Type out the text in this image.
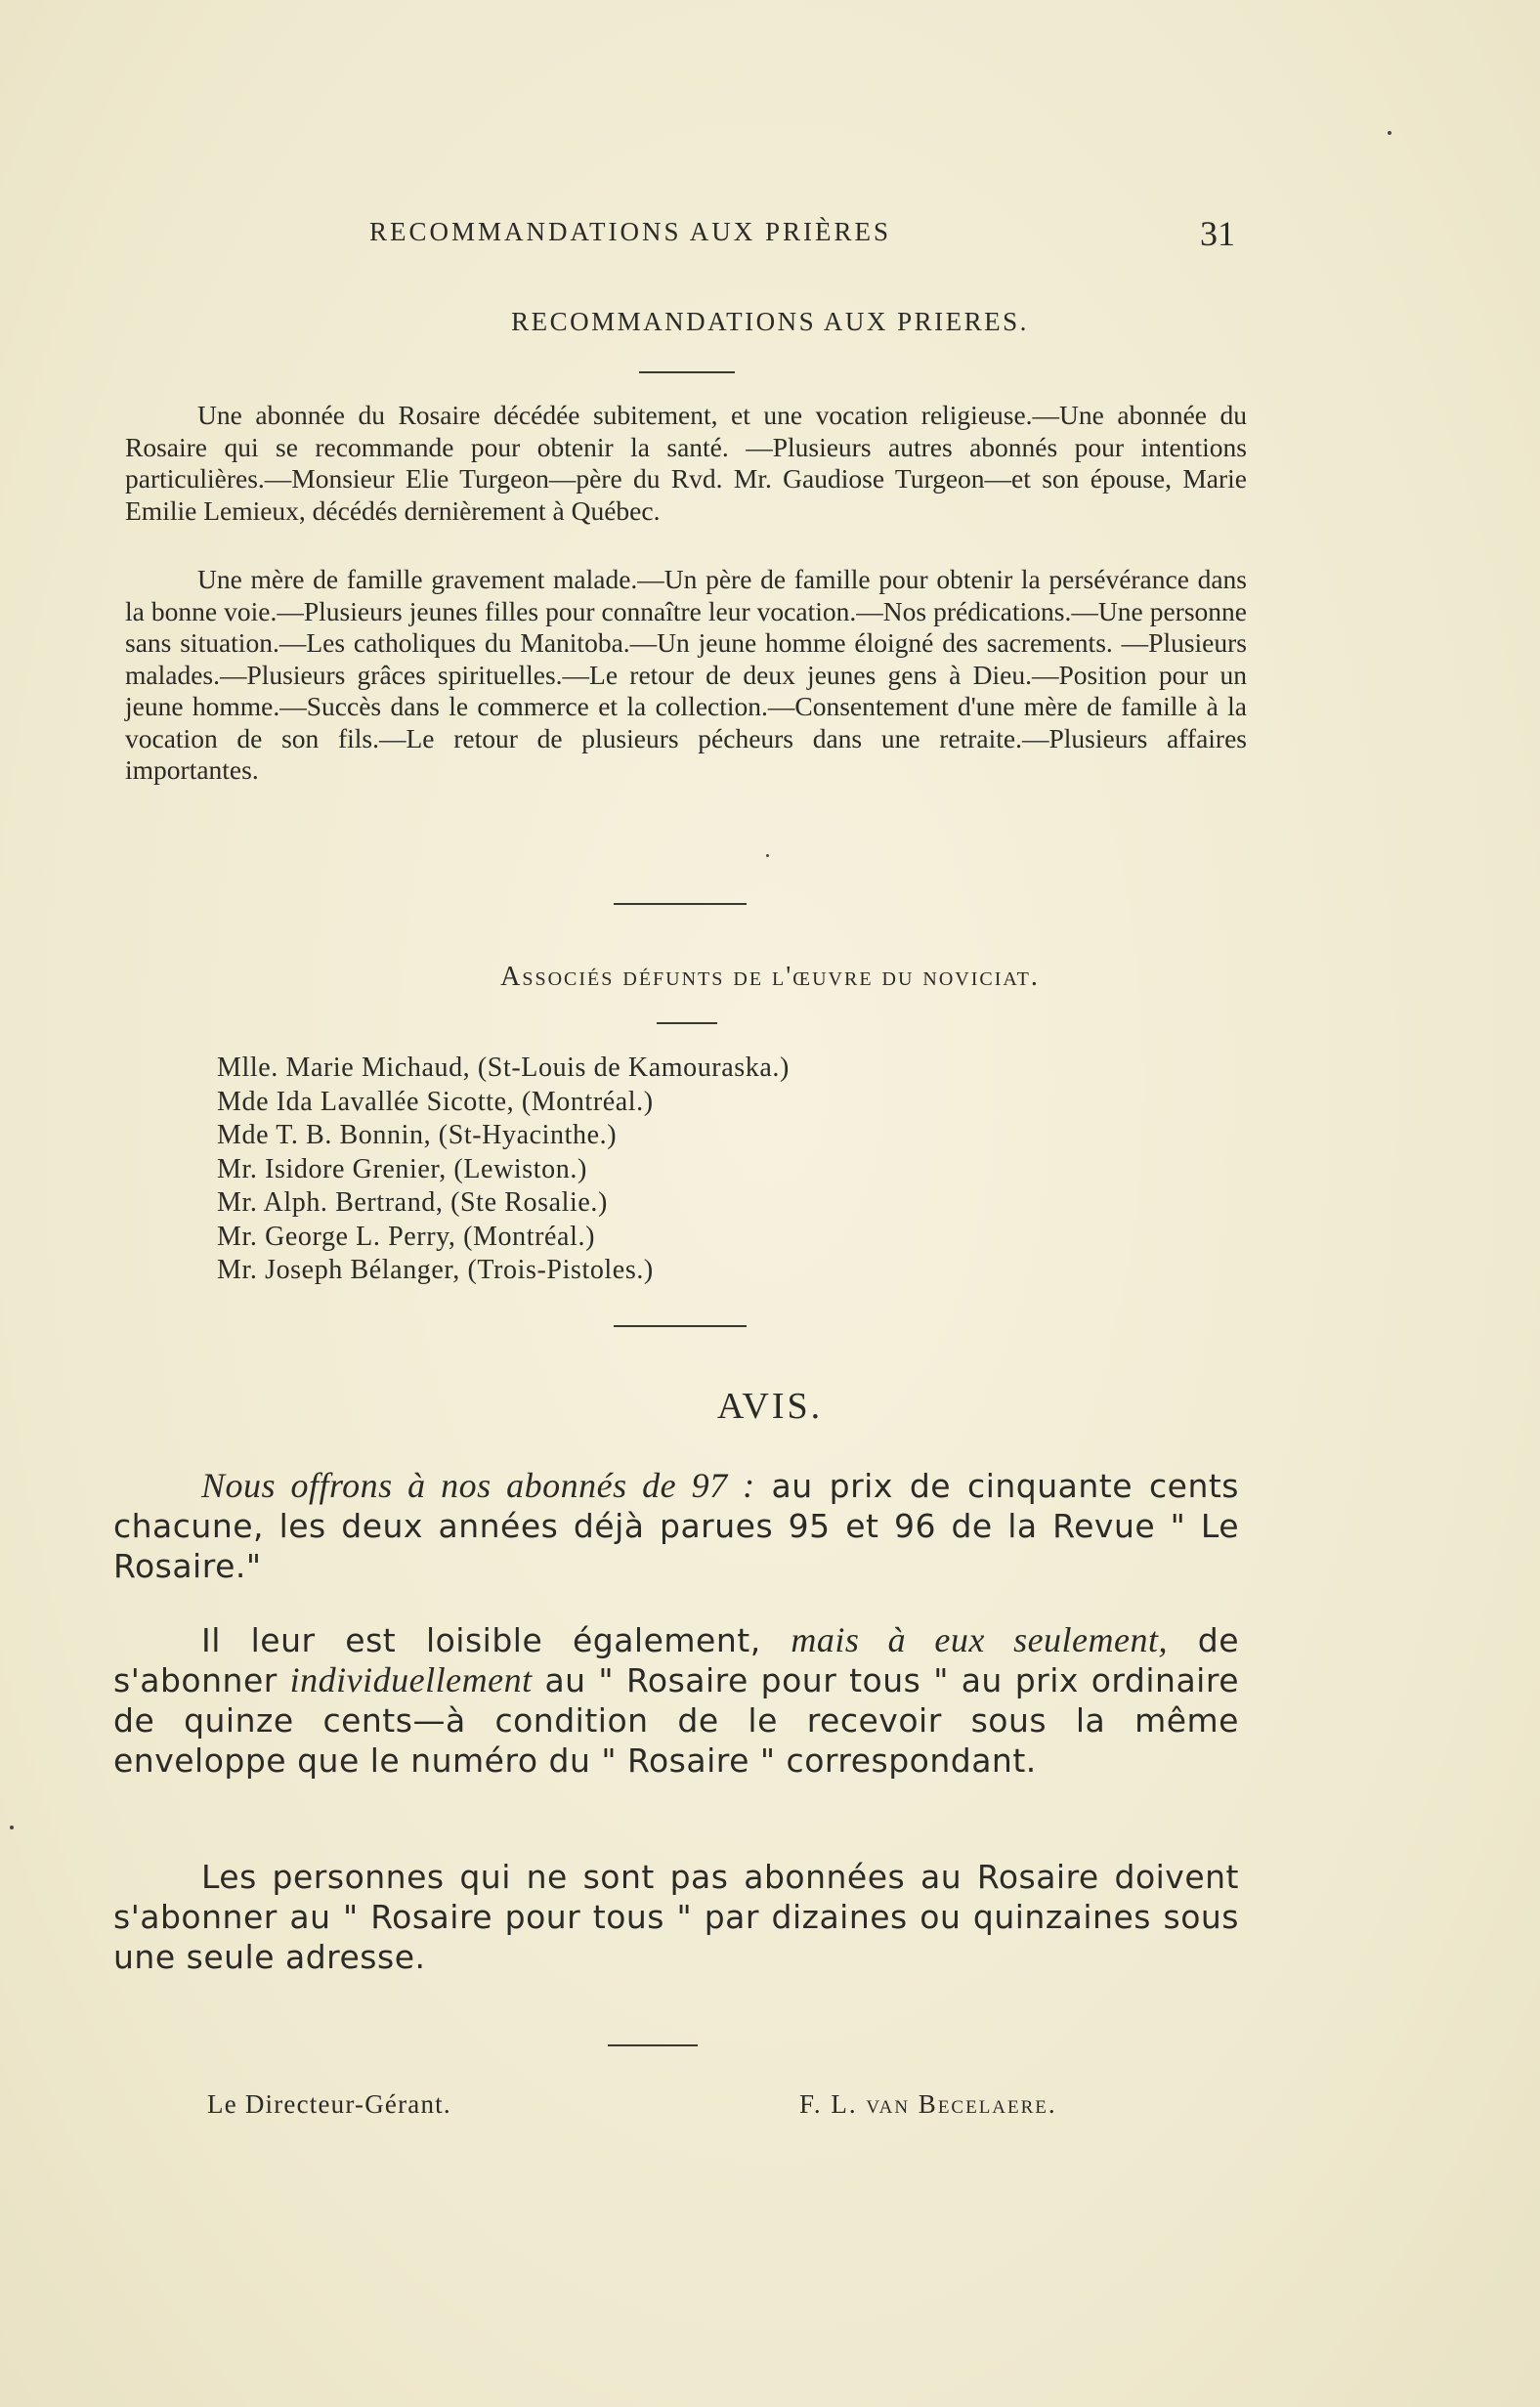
RECOMMANDATIONS AUX PRIÈRES	31
RECOMMANDATIONS AUX PRIERES.

Une abonnée du Rosaire décédée subitement, et une vocation religieuse.—Une abonnée du Rosaire qui se recommande pour obtenir la santé. —Plusieurs autres abonnés pour intentions particulières.—Monsieur Elie Turgeon—père du Rvd. Mr. Gaudiose Turgeon—et son épouse, Marie Emilie Lemieux, décédés dernièrement à Québec.

Une mère de famille gravement malade.—Un père de famille pour obtenir la persévérance dans la bonne voie.—Plusieurs jeunes filles pour connaître leur vocation.—Nos prédications.—Une personne sans situation.—Les catholiques du Manitoba.—Un jeune homme éloigné des sacrements. —Plusieurs malades.—Plusieurs grâces spirituelles.—Le retour de deux jeunes gens à Dieu.—Position pour un jeune homme.—Succès dans le commerce et la collection.—Consentement d'une mère de famille à la vocation de son fils.—Le retour de plusieurs pécheurs dans une retraite.—Plusieurs affaires importantes.

Associés défunts de l'œuvre du noviciat.
Mlle. Marie Michaud, (St-Louis de Kamouraska.)
Mde Ida Lavallée Sicotte, (Montréal.)
Mde T. B. Bonnin, (St-Hyacinthe.)
Mr. Isidore Grenier, (Lewiston.)
Mr. Alph. Bertrand, (Ste Rosalie.)
Mr. George L. Perry, (Montréal.)
Mr. Joseph Bélanger, (Trois-Pistoles.)
AVIS.

Nous offrons à nos abonnés de 97 : au prix de cinquante cents chacune, les deux années déjà parues 95 et 96 de la Revue " Le Rosaire."

Il leur est loisible également, mais à eux seulement, de s'abonner individuellement au " Rosaire pour tous " au prix ordinaire de quinze cents—à condition de le recevoir sous la même enveloppe que le numéro du " Rosaire " correspondant.

Les personnes qui ne sont pas abonnées au Rosaire doivent s'abonner au " Rosaire pour tous " par dizaines ou quinzaines sous une seule adresse.

Le Directeur-Gérant.	F. L. van Becelaere.
